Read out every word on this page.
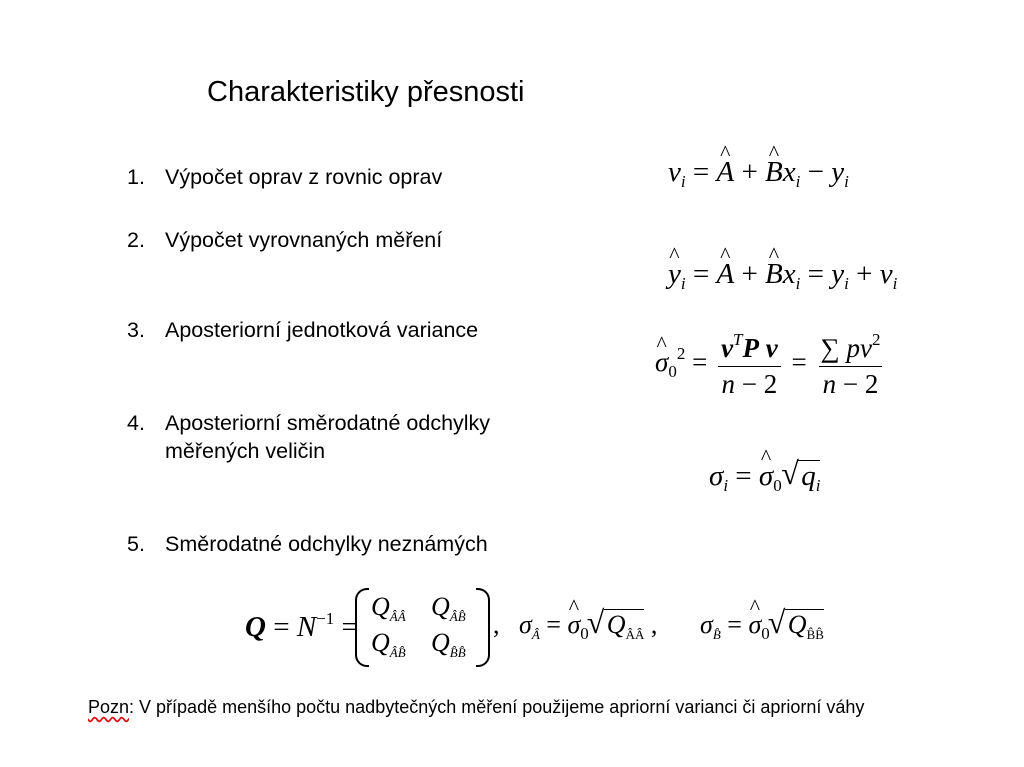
Charakteristiky přesnosti
1. Výpočet oprav z rovnic oprav
2. Výpočet vyrovnaných měření
3. Aposteriorní jednotková variance
4. Aposteriorní směrodatné odchylky
měřených veličin
5. Směrodatné odchylky neznámých
$v_i$ = ^ A + ^ $Bx_i - y_i$
^ $y_i$ = ^ A + ^ $Bx_i = y_i + v_i$
^ $\sigma_0^2 = \frac{v^TP v}{n - 2} = \frac{\sum pv^2}{n - 2}$
$\sigma_i$ = ^ $\sigma_0$ √ $q_i$
$Q = N^{-1}$ =
$Q_{ÂÂ}$ $Q_{ÂB̂}$
$Q_{ÂB̂}$ $Q_{B̂B̂}$
,   $\sigma_Â$ = ^ $\sigma_0$ √ $Q_{ÂÂ}$ , $\sigma_{B̂}$ = ^ $\sigma_0$ √ $Q_{B̂B̂}$
Pozn: V případě menšího počtu nadbytečných měření použijeme apriorní varianci či apriorní váhy
